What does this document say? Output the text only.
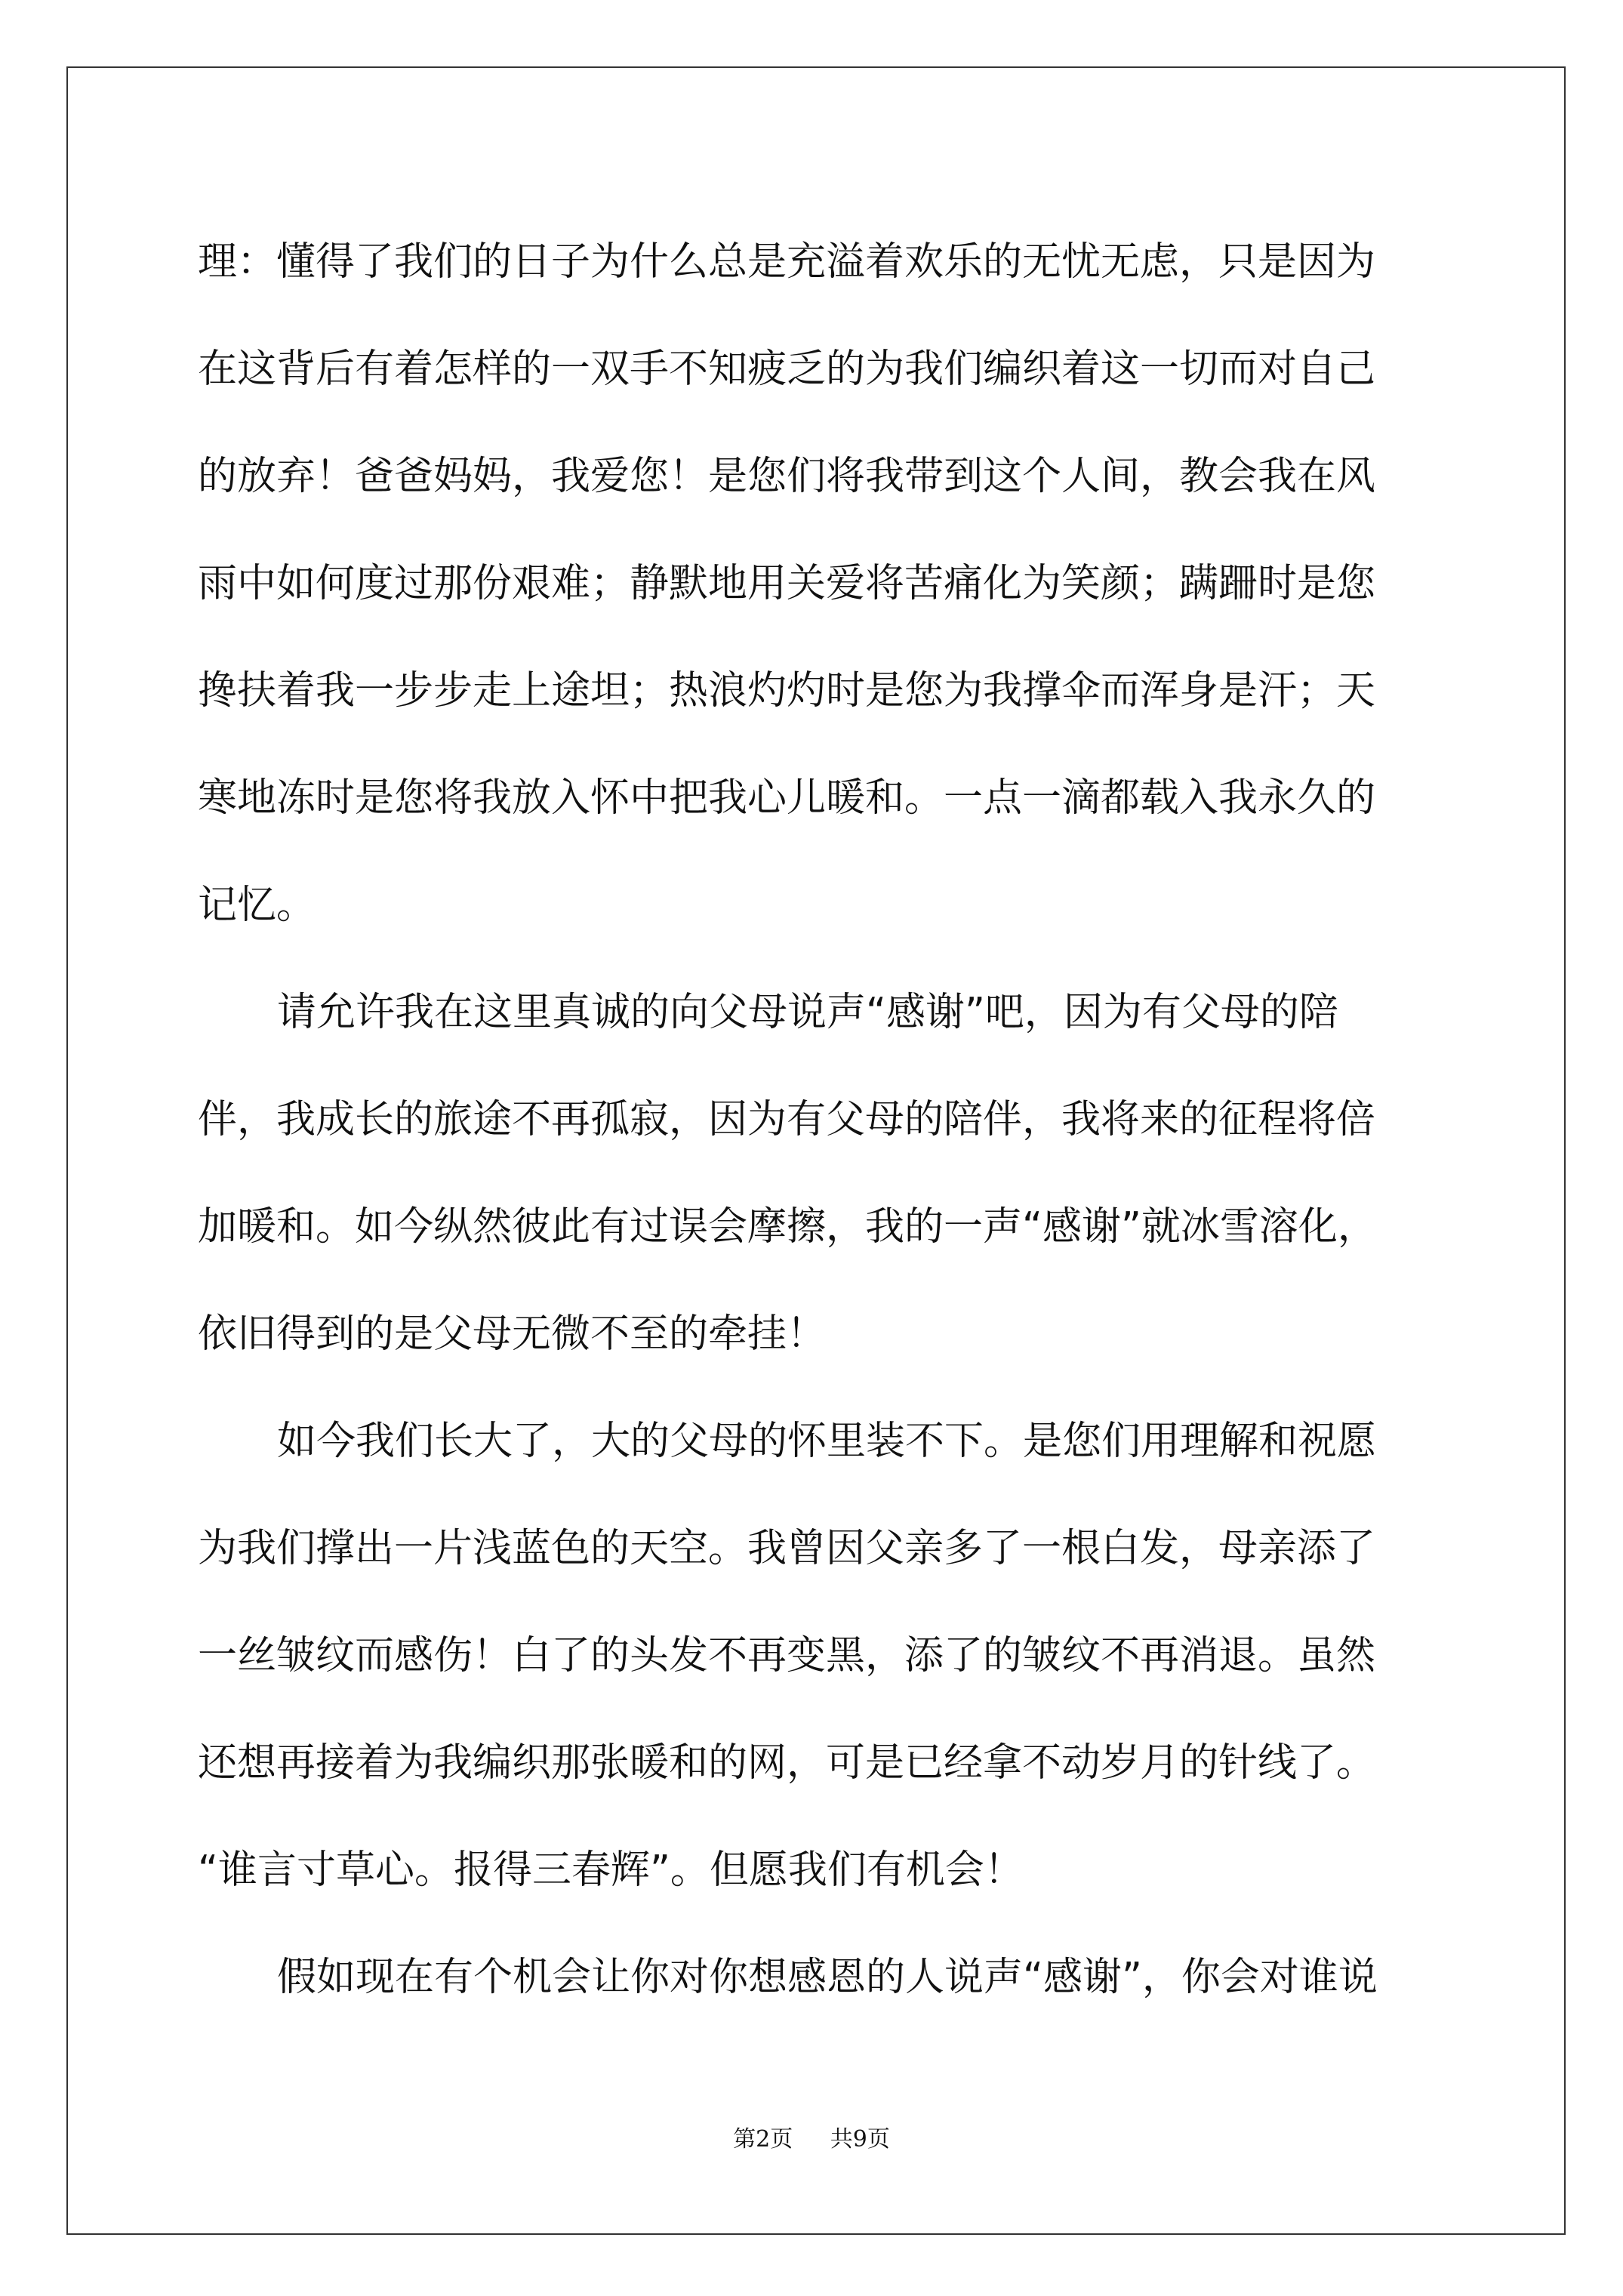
理：懂得了我们的日子为什么总是充溢着欢乐的无忧无虑，只是因为
在这背后有着怎样的一双手不知疲乏的为我们编织着这一切而对自己
的放弃！爸爸妈妈，我爱您！是您们将我带到这个人间，教会我在风
雨中如何度过那份艰难；静默地用关爱将苦痛化为笑颜；蹒跚时是您
搀扶着我一步步走上途坦；热浪灼灼时是您为我撑伞而浑身是汗；天
寒地冻时是您将我放入怀中把我心儿暖和。一点一滴都载入我永久的
记忆。
请允许我在这里真诚的向父母说声“感谢”吧，因为有父母的陪
伴，我成长的旅途不再孤寂，因为有父母的陪伴，我将来的征程将倍
加暖和。如今纵然彼此有过误会摩擦，我的一声“感谢”就冰雪溶化，
依旧得到的是父母无微不至的牵挂！
如今我们长大了，大的父母的怀里装不下。是您们用理解和祝愿
为我们撑出一片浅蓝色的天空。我曾因父亲多了一根白发，母亲添了
一丝皱纹而感伤！白了的头发不再变黑，添了的皱纹不再消退。虽然
还想再接着为我编织那张暖和的网，可是已经拿不动岁月的针线了。
“谁言寸草心。报得三春辉”。但愿我们有机会！
假如现在有个机会让你对你想感恩的人说声“感谢”，你会对谁说
第2页 共9页
